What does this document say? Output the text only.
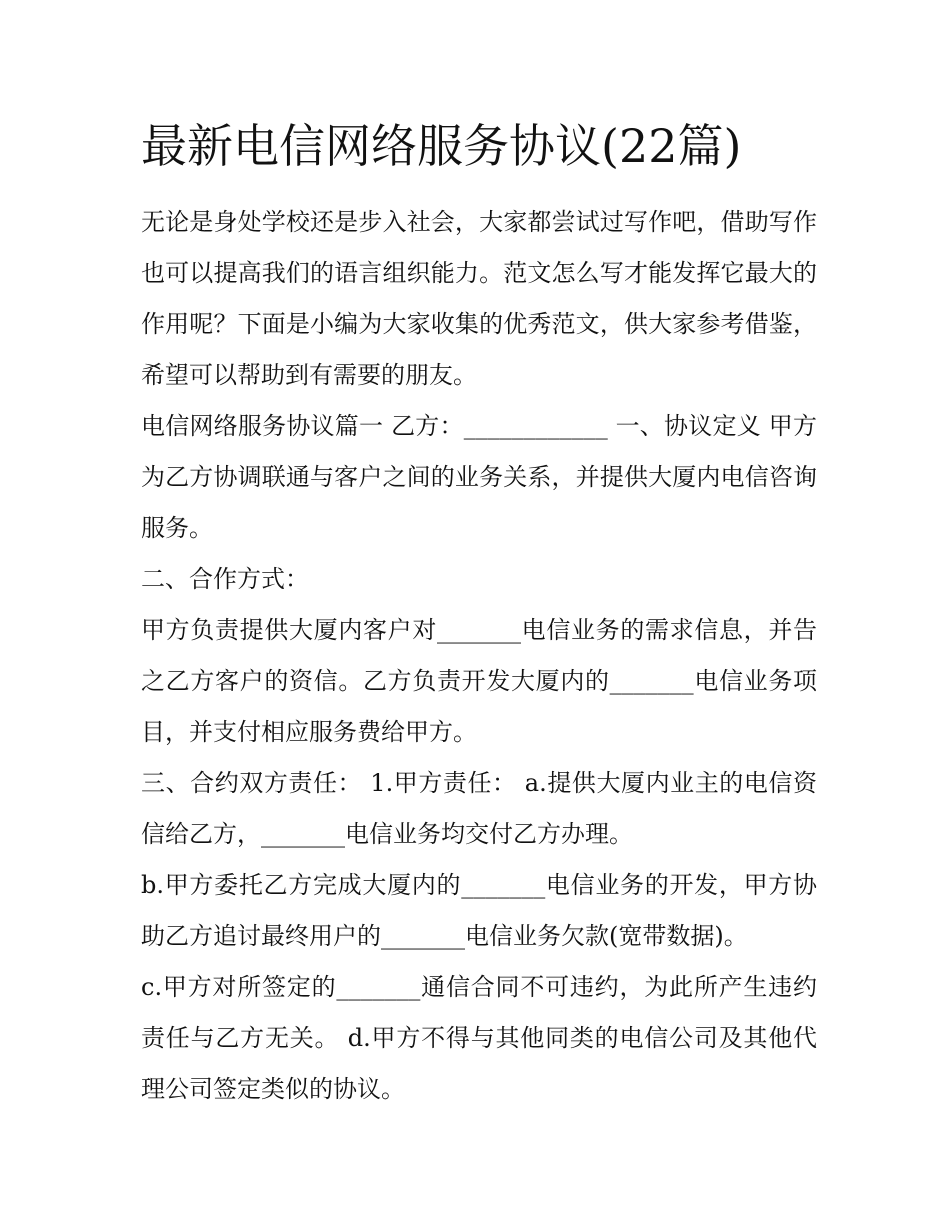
最新电信网络服务协议(22篇)

无论是身处学校还是步入社会，大家都尝试过写作吧，借助写作也可以提高我们的语言组织能力。范文怎么写才能发挥它最大的作用呢？下面是小编为大家收集的优秀范文，供大家参考借鉴，希望可以帮助到有需要的朋友。

电信网络服务协议篇一 乙方：____________ 一、协议定义 甲方为乙方协调联通与客户之间的业务关系，并提供大厦内电信咨询服务。

二、合作方式：

甲方负责提供大厦内客户对_______电信业务的需求信息，并告之乙方客户的资信。乙方负责开发大厦内的_______电信业务项目，并支付相应服务费给甲方。

三、合约双方责任： 1.甲方责任： a.提供大厦内业主的电信资信给乙方，_______电信业务均交付乙方办理。

b.甲方委托乙方完成大厦内的_______电信业务的开发，甲方协助乙方追讨最终用户的_______电信业务欠款(宽带数据)。

c.甲方对所签定的_______通信合同不可违约，为此所产生违约责任与乙方无关。 d.甲方不得与其他同类的电信公司及其他代理公司签定类似的协议。
